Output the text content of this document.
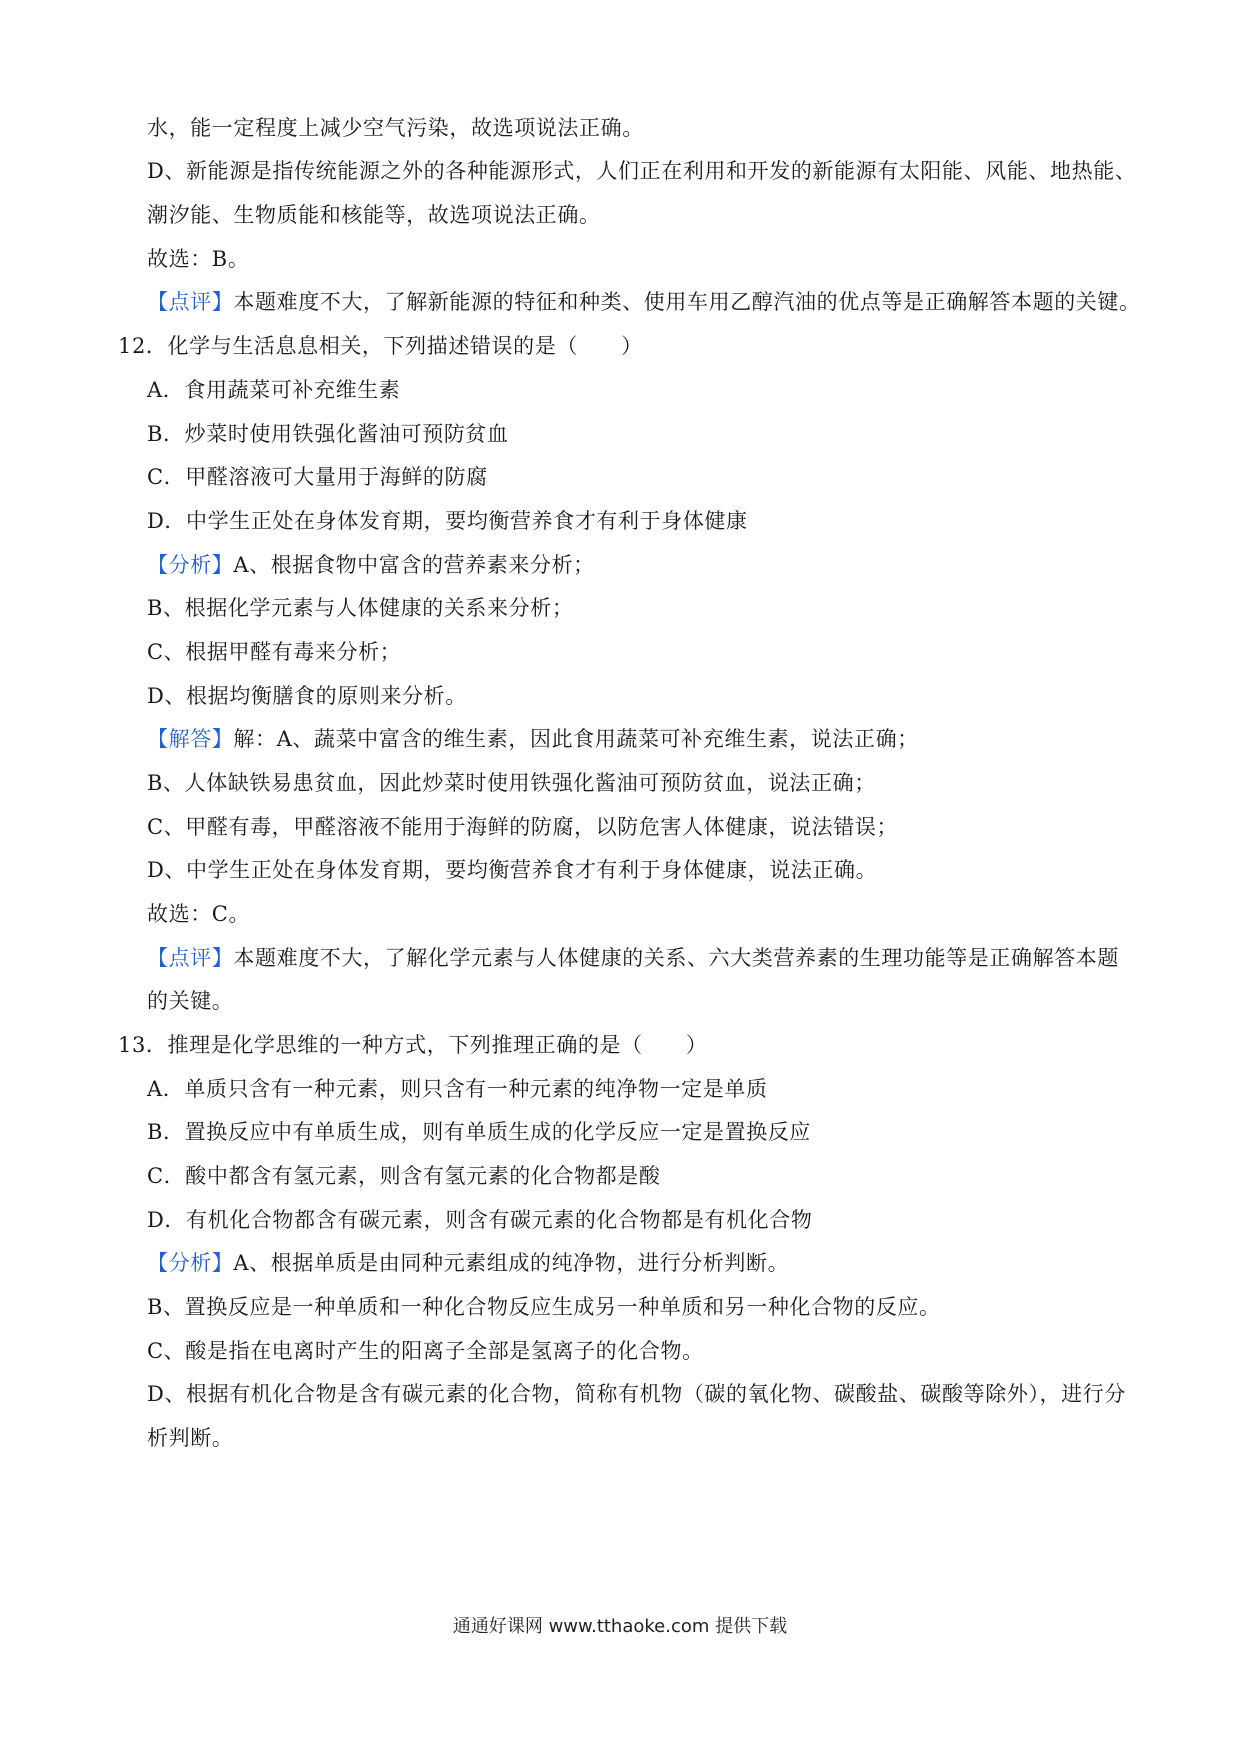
水，能一定程度上减少空气污染，故选项说法正确。
D、新能源是指传统能源之外的各种能源形式，人们正在利用和开发的新能源有太阳能、风能、地热能、
潮汐能、生物质能和核能等，故选项说法正确。
故选：B。
【点评】本题难度不大，了解新能源的特征和种类、使用车用乙醇汽油的优点等是正确解答本题的关键。
12．化学与生活息息相关，下列描述错误的是（　　）
A．食用蔬菜可补充维生素
B．炒菜时使用铁强化酱油可预防贫血
C．甲醛溶液可大量用于海鲜的防腐
D．中学生正处在身体发育期，要均衡营养食才有利于身体健康
【分析】A、根据食物中富含的营养素来分析；
B、根据化学元素与人体健康的关系来分析；
C、根据甲醛有毒来分析；
D、根据均衡膳食的原则来分析。
【解答】解：A、蔬菜中富含的维生素，因此食用蔬菜可补充维生素，说法正确；
B、人体缺铁易患贫血，因此炒菜时使用铁强化酱油可预防贫血，说法正确；
C、甲醛有毒，甲醛溶液不能用于海鲜的防腐，以防危害人体健康，说法错误；
D、中学生正处在身体发育期，要均衡营养食才有利于身体健康，说法正确。
故选：C。
【点评】本题难度不大，了解化学元素与人体健康的关系、六大类营养素的生理功能等是正确解答本题
的关键。
13．推理是化学思维的一种方式，下列推理正确的是（　　）
A．单质只含有一种元素，则只含有一种元素的纯净物一定是单质
B．置换反应中有单质生成，则有单质生成的化学反应一定是置换反应
C．酸中都含有氢元素，则含有氢元素的化合物都是酸
D．有机化合物都含有碳元素，则含有碳元素的化合物都是有机化合物
【分析】A、根据单质是由同种元素组成的纯净物，进行分析判断。
B、置换反应是一种单质和一种化合物反应生成另一种单质和另一种化合物的反应。
C、酸是指在电离时产生的阳离子全部是氢离子的化合物。
D、根据有机化合物是含有碳元素的化合物，简称有机物（碳的氧化物、碳酸盐、碳酸等除外），进行分
析判断。
通通好课网 www.tthaoke.com 提供下载
